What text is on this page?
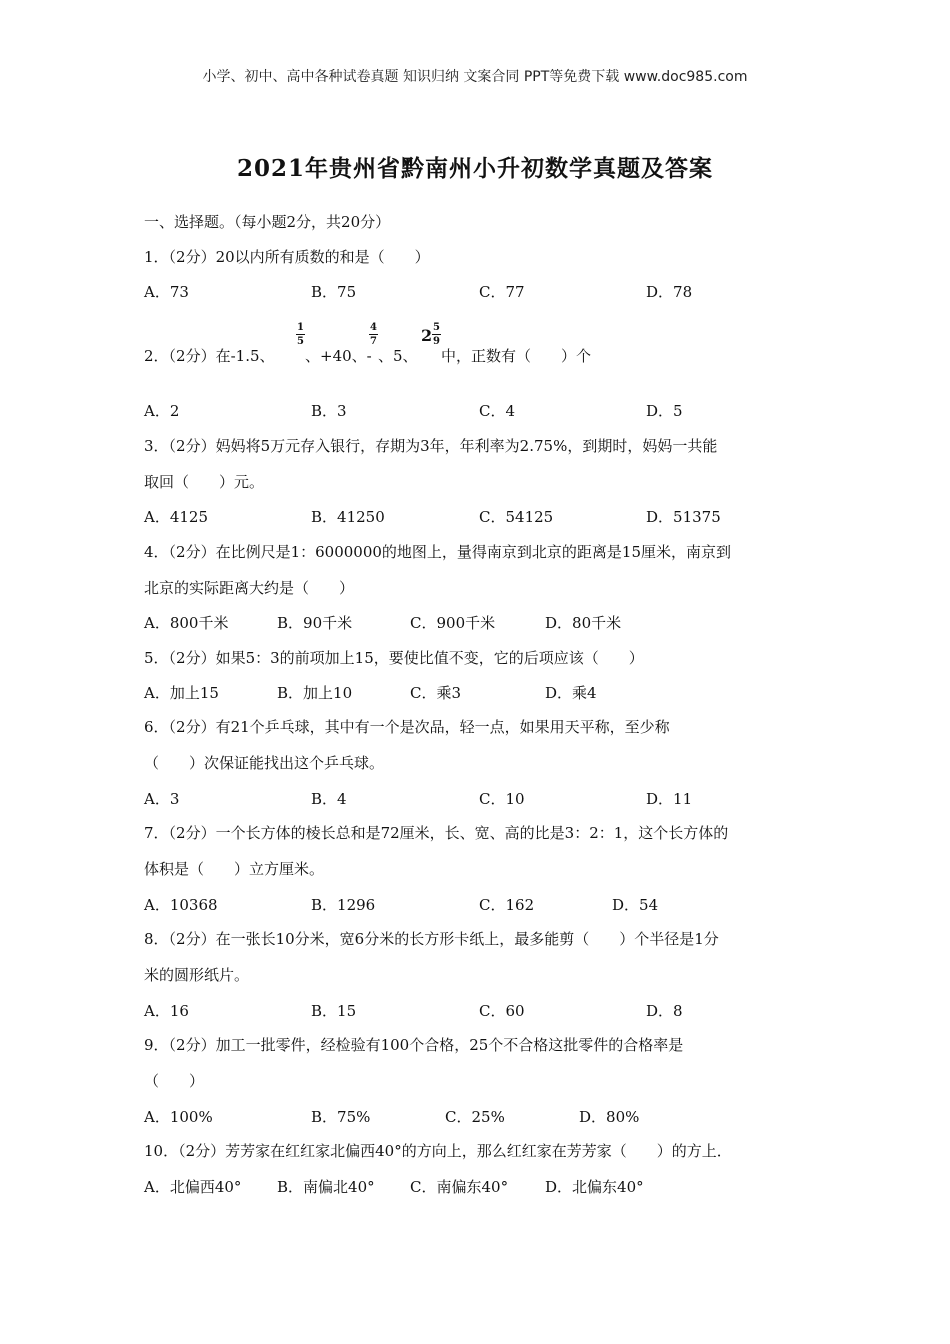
小学、初中、高中各种试卷真题 知识归纳 文案合同 PPT等免费下载 www.doc985.com
2021年贵州省黔南州小升初数学真题及答案
一、选择题。（每小题2分，共20分）
1．（2分）20以内所有质数的和是（　　）
A．73	B．75	C．77	D．78
2．（2分）在-1.5、
1
5
、+40、-
4
7
、5、
2 5
9
中，正数有（　　）个
A．2	B．3	C．4	D．5
3．（2分）妈妈将5万元存入银行，存期为3年，年利率为2.75%，到期时，妈妈一共能
取回（　　）元。
A．4125	B．41250	C．54125	D．51375
4．（2分）在比例尺是1：6000000的地图上，量得南京到北京的距离是15厘米，南京到
北京的实际距离大约是（　　）
A．800千米	B．90千米	C．900千米	D．80千米
5．（2分）如果5：3的前项加上15，要使比值不变，它的后项应该（　　）
A．加上15	B．加上10	C．乘3	D．乘4
6．（2分）有21个乒乓球，其中有一个是次品，轻一点，如果用天平称，至少称
（　　）次保证能找出这个乒乓球。
A．3	B．4	C．10	D．11
7．（2分）一个长方体的棱长总和是72厘米，长、宽、高的比是3：2：1，这个长方体的
体积是（　　）立方厘米。
A．10368	B．1296	C．162	D．54
8．（2分）在一张长10分米，宽6分米的长方形卡纸上，最多能剪（　　）个半径是1分
米的圆形纸片。
A．16	B．15	C．60	D．8
9．（2分）加工一批零件，经检验有100个合格，25个不合格这批零件的合格率是
（　　）
A．100%	B．75%	C．25%	D．80%
10．（2分）芳芳家在红红家北偏西40°的方向上，那么红红家在芳芳家（　　）的方上．
A．北偏西40° B．南偏北40° C．南偏东40° D．北偏东40°
